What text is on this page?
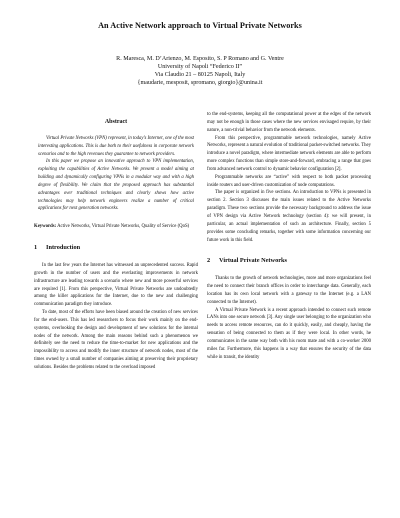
An Active Network approach to Virtual Private Networks
R. Maresca, M. D’Arienzo, M. Esposito, S. P Romano and G. Ventre
University of Napoli “Federico II”
Via Claudio 21 – 80125 Napoli, Italy
{maudarie, mesposit, spromano, giorgio}@unina.it
Abstract

Virtual Private Networks (VPN) represent, in today’s Internet, one of the most interesting applications. This is due both to their usefulness in corporate network scenarios and to the high revenues they guarantee to network providers.

In this paper we propose an innovative approach to VPN implementation, exploiting the capabilities of Active Networks. We present a model aiming at building and dynamically configuring VPNs in a modular way and with a high degree of flexibility. We claim that the proposed approach has substantial advantages over traditional techniques and clearly shows how active technologies may help network engineers realize a number of critical applications for next generation networks.

Keywords: Active Networks, Virtual Private Networks, Quality of Service (QoS)
1 Introduction

In the last few years the Internet has witnessed an unprecedented success. Rapid growth in the number of users and the everlasting improvements in network infrastructure are leading towards a scenario where new and more powerful services are required [1]. From this perspective, Virtual Private Networks are undoubtedly among the killer applications for the Internet, due to the new and challenging communication paradigm they introduce.

To date, most of the efforts have been biased around the creation of new services for the end-users. This has led researchers to focus their work mainly on the end-systems, overlooking the design and development of new solutions for the internal nodes of the network. Among the main reasons behind such a phenomenon we definitely see the need to reduce the time-to-market for new applications and the impossibility to access and modify the inner structure of network nodes, most of the times owned by a small number of companies aiming at preserving their proprietary solutions. Besides the problems related to the overload imposed

to the end-systems, keeping all the computational power at the edges of the network may not be enough in those cases where the new services envisaged require, by their nature, a non-trivial behavior from the network elements.

From this perspective, programmable network technologies, namely Active Networks, represent a natural evolution of traditional packet-switched networks. They introduce a novel paradigm, where intermediate network elements are able to perform more complex functions than simple store-and-forward, embracing a range that goes from advanced network control to dynamic behavior configuration [2].

Programmable networks are “active” with respect to both packet processing inside routers and user-driven customization of node computations.

The paper is organized in five sections. An introduction to VPNs is presented in section 2. Section 3 discusses the main issues related to the Active Networks paradigm. These two sections provide the necessary background to address the issue of VPN design via Active Network technology (section 4): we will present, in particular, an actual implementation of such an architecture. Finally, section 5 provides some concluding remarks, together with some information concerning our future work in this field.

2 Virtual Private Networks

Thanks to the growth of network technologies, more and more organizations feel the need to connect their branch offices in order to interchange data. Generally, each location has its own local network with a gateway to the Internet (e.g. a LAN connected to the Internet).

A Virtual Private Network is a recent approach intended to connect such remote LANs into one secure network [3]. Any single user belonging to the organization who needs to access remote resources, can do it quickly, easily, and cheaply, having the sensation of being connected to them as if they were local. In other words, he communicates in the same way both with his room mate and with a co-worker 2000 miles far. Furthermore, this happens in a way that ensures the security of the data while in transit, the identity
